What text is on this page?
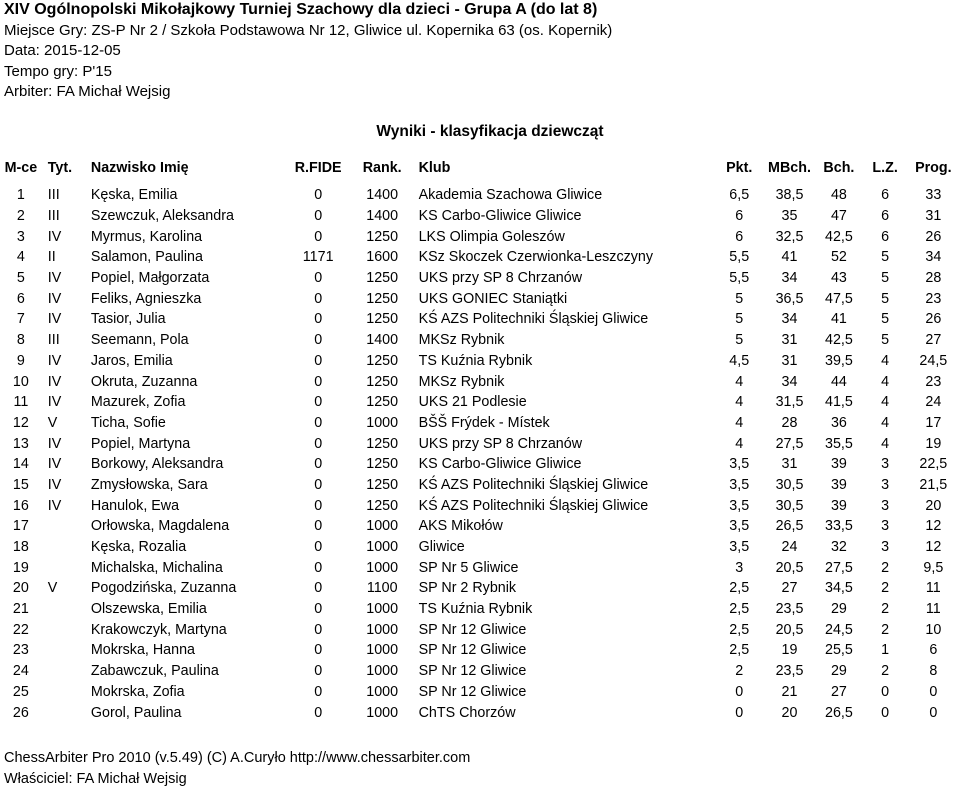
XIV Ogólnopolski Mikołajkowy Turniej Szachowy dla dzieci - Grupa A (do lat 8)
Miejsce Gry: ZS-P Nr 2 / Szkoła Podstawowa Nr 12, Gliwice ul. Kopernika 63 (os. Kopernik)
Data: 2015-12-05
Tempo gry: P'15
Arbiter: FA Michał Wejsig
Wyniki - klasyfikacja dziewcząt
M-ce	Tyt.	Nazwisko Imię	R.FIDE	Rank.	Klub	Pkt.	MBch.	Bch.	L.Z.	Prog.
1	III	Kęska, Emilia	0	1400	Akademia Szachowa Gliwice	6,5	38,5	48	6	33
2	III	Szewczuk, Aleksandra	0	1400	KS Carbo-Gliwice Gliwice	6	35	47	6	31
3	IV	Myrmus, Karolina	0	1250	LKS Olimpia Goleszów	6	32,5	42,5	6	26
4	II	Salamon, Paulina	1171	1600	KSz Skoczek Czerwionka-Leszczyny	5,5	41	52	5	34
5	IV	Popiel, Małgorzata	0	1250	UKS przy SP 8 Chrzanów	5,5	34	43	5	28
6	IV	Feliks, Agnieszka	0	1250	UKS GONIEC Staniątki	5	36,5	47,5	5	23
7	IV	Tasior, Julia	0	1250	KŚ AZS Politechniki Śląskiej Gliwice	5	34	41	5	26
8	III	Seemann, Pola	0	1400	MKSz Rybnik	5	31	42,5	5	27
9	IV	Jaros, Emilia	0	1250	TS Kuźnia Rybnik	4,5	31	39,5	4	24,5
10	IV	Okruta, Zuzanna	0	1250	MKSz Rybnik	4	34	44	4	23
11	IV	Mazurek, Zofia	0	1250	UKS 21 Podlesie	4	31,5	41,5	4	24
12	V	Ticha, Sofie	0	1000	BŠŠ Frýdek - Místek	4	28	36	4	17
13	IV	Popiel, Martyna	0	1250	UKS przy SP 8 Chrzanów	4	27,5	35,5	4	19
14	IV	Borkowy, Aleksandra	0	1250	KS Carbo-Gliwice Gliwice	3,5	31	39	3	22,5
15	IV	Zmysłowska, Sara	0	1250	KŚ AZS Politechniki Śląskiej Gliwice	3,5	30,5	39	3	21,5
16	IV	Hanulok, Ewa	0	1250	KŚ AZS Politechniki Śląskiej Gliwice	3,5	30,5	39	3	20
17		Orłowska, Magdalena	0	1000	AKS Mikołów	3,5	26,5	33,5	3	12
18		Kęska, Rozalia	0	1000	Gliwice	3,5	24	32	3	12
19		Michalska, Michalina	0	1000	SP Nr 5 Gliwice	3	20,5	27,5	2	9,5
20	V	Pogodzińska, Zuzanna	0	1100	SP Nr 2 Rybnik	2,5	27	34,5	2	11
21		Olszewska, Emilia	0	1000	TS Kuźnia Rybnik	2,5	23,5	29	2	11
22		Krakowczyk, Martyna	0	1000	SP Nr 12 Gliwice	2,5	20,5	24,5	2	10
23		Mokrska, Hanna	0	1000	SP Nr 12 Gliwice	2,5	19	25,5	1	6
24		Zabawczuk, Paulina	0	1000	SP Nr 12 Gliwice	2	23,5	29	2	8
25		Mokrska, Zofia	0	1000	SP Nr 12 Gliwice	0	21	27	0	0
26		Gorol, Paulina	0	1000	ChTS Chorzów	0	20	26,5	0	0
ChessArbiter Pro 2010 (v.5.49) (C) A.Curyło http://www.chessarbiter.com
Właściciel: FA Michał Wejsig
